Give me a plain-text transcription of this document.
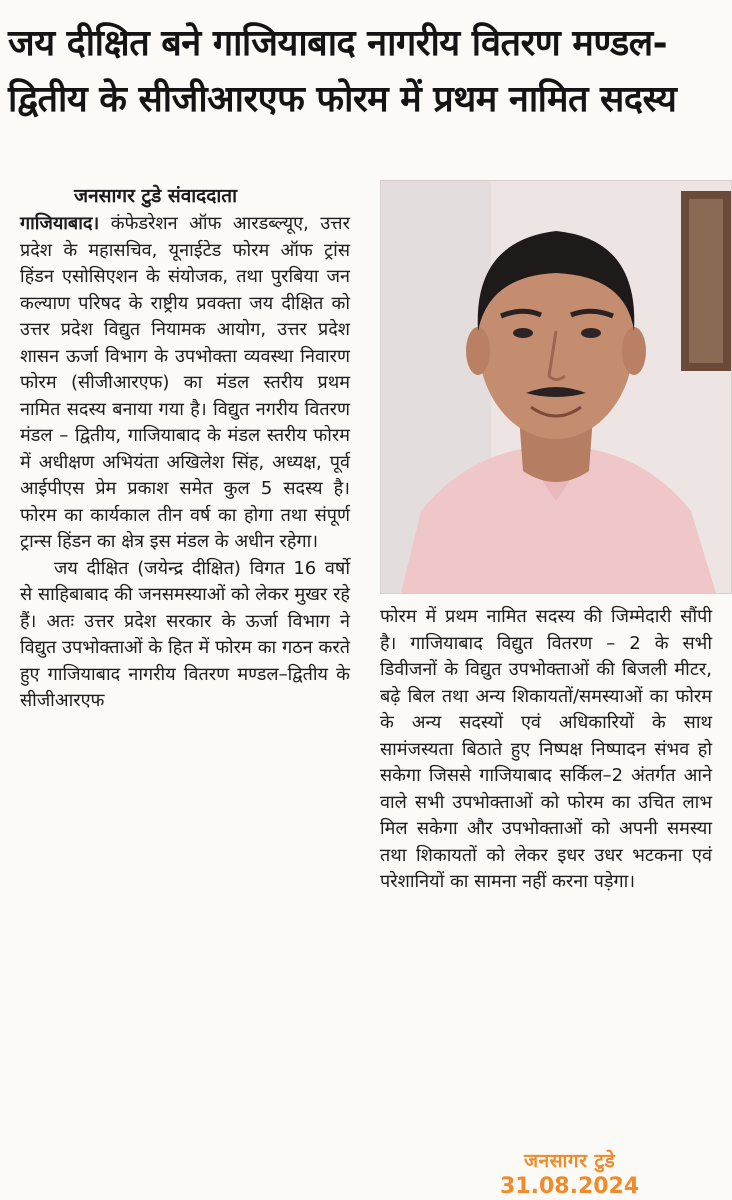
जय दीक्षित बने गाजियाबाद नागरीय वितरण मण्डल-
द्वितीय के सीजीआरएफ फोरम में प्रथम नामित सदस्य
जनसागर टुडे संवाददाता

गाजियाबाद। कंफेडरेशन ऑफ आरडब्ल्यूए, उत्तर प्रदेश के महासचिव, यूनाईटेड फोरम ऑफ ट्रांस हिंडन एसोसिएशन के संयोजक, तथा पुरबिया जन कल्याण परिषद के राष्ट्रीय प्रवक्ता जय दीक्षित को उत्तर प्रदेश विद्युत नियामक आयोग, उत्तर प्रदेश शासन ऊर्जा विभाग के उपभोक्ता व्यवस्था निवारण फोरम (सीजीआरएफ) का मंडल स्तरीय प्रथम नामित सदस्य बनाया गया है। विद्युत नगरीय वितरण मंडल – द्वितीय, गाजियाबाद के मंडल स्तरीय फोरम में अधीक्षण अभियंता अखिलेश सिंह, अध्यक्ष, पूर्व आईपीएस प्रेम प्रकाश समेत कुल 5 सदस्य है। फोरम का कार्यकाल तीन वर्ष का होगा तथा संपूर्ण ट्रान्स हिंडन का क्षेत्र इस मंडल के अधीन रहेगा।

जय दीक्षित (जयेन्द्र दीक्षित) विगत 16 वर्षो से साहिबाबाद की जनसमस्याओं को लेकर मुखर रहे हैं। अतः उत्तर प्रदेश सरकार के ऊर्जा विभाग ने विद्युत उपभोक्ताओं के हित में फोरम का गठन करते हुए गाजियाबाद नागरीय वितरण मण्डल–द्वितीय के सीजीआरएफ

फोरम में प्रथम नामित सदस्य की जिम्मेदारी सौंपी है। गाजियाबाद विद्युत वितरण – 2 के सभी डिवीजनों के विद्युत उपभोक्ताओं की बिजली मीटर, बढ़े बिल तथा अन्य शिकायतों/समस्याओं का फोरम के अन्य सदस्यों एवं अधिकारियों के साथ सामंजस्यता बिठाते हुए निष्पक्ष निष्पादन संभव हो सकेगा जिससे गाजियाबाद सर्किल–2 अंतर्गत आने वाले सभी उपभोक्ताओं को फोरम का उचित लाभ मिल सकेगा और उपभोक्ताओं को अपनी समस्या तथा शिकायतों को लेकर इधर उधर भटकना एवं परेशानियों का सामना नहीं करना पड़ेगा।

जनसागर टुडे
31.08.2024
